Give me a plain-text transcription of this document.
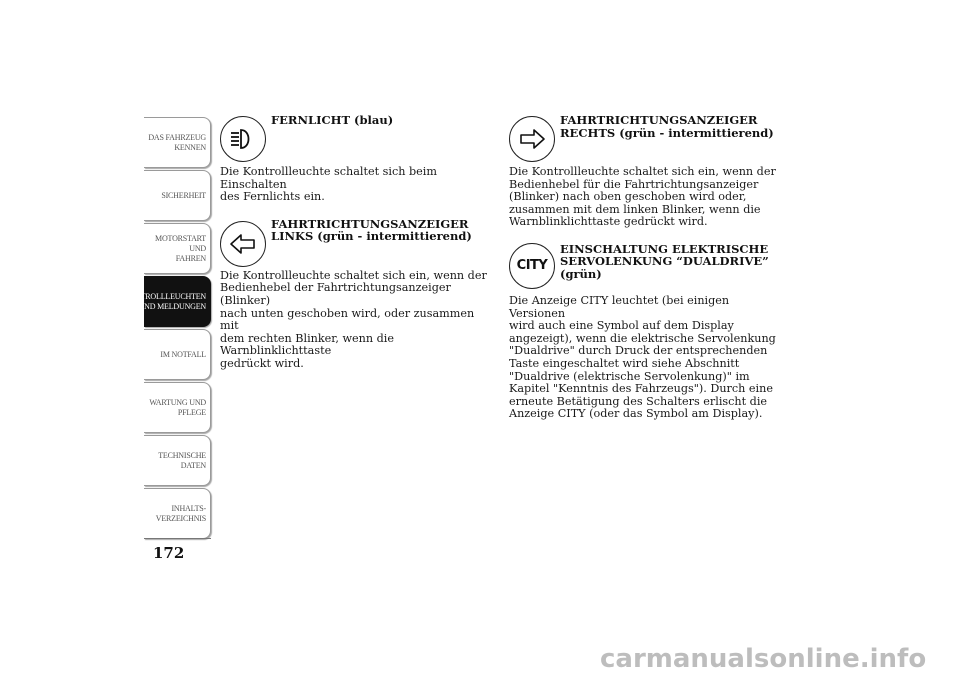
DAS FAHRZEUG
KENNEN
SICHERHEIT
MOTORSTART UND
FAHREN
KONTROLLLEUCHTEN
UND MELDUNGEN
IM NOTFALL
WARTUNG UND
PFLEGE
TECHNISCHE
DATEN
INHALTS-
VERZEICHNIS
172
FERNLICHT (blau)
Die Kontrollleuchte schaltet sich beim Einschalten
des Fernlichts ein.
FAHRTRICHTUNGSANZEIGER
LINKS (grün - intermittierend)
Die Kontrollleuchte schaltet sich ein, wenn der
Bedienhebel der Fahrtrichtungsanzeiger (Blinker)
nach unten geschoben wird, oder zusammen mit
dem rechten Blinker, wenn die Warnblinklichttaste
gedrückt wird.
FAHRTRICHTUNGSANZEIGER
RECHTS (grün - intermittierend)
Die Kontrollleuchte schaltet sich ein, wenn der
Bedienhebel für die Fahrtrichtungsanzeiger
(Blinker) nach oben geschoben wird oder,
zusammen mit dem linken Blinker, wenn die
Warnblinklichttaste gedrückt wird.
CITY
EINSCHALTUNG ELEKTRISCHE
SERVOLENKUNG “DUALDRIVE”
(grün)
Die Anzeige CITY leuchtet (bei einigen Versionen
wird auch eine Symbol auf dem Display
angezeigt), wenn die elektrische Servolenkung
"Dualdrive" durch Druck der entsprechenden
Taste eingeschaltet wird siehe Abschnitt
"Dualdrive (elektrische Servolenkung)" im
Kapitel "Kenntnis des Fahrzeugs"). Durch eine
erneute Betätigung des Schalters erlischt die
Anzeige CITY (oder das Symbol am Display).
carmanualsonline.info
